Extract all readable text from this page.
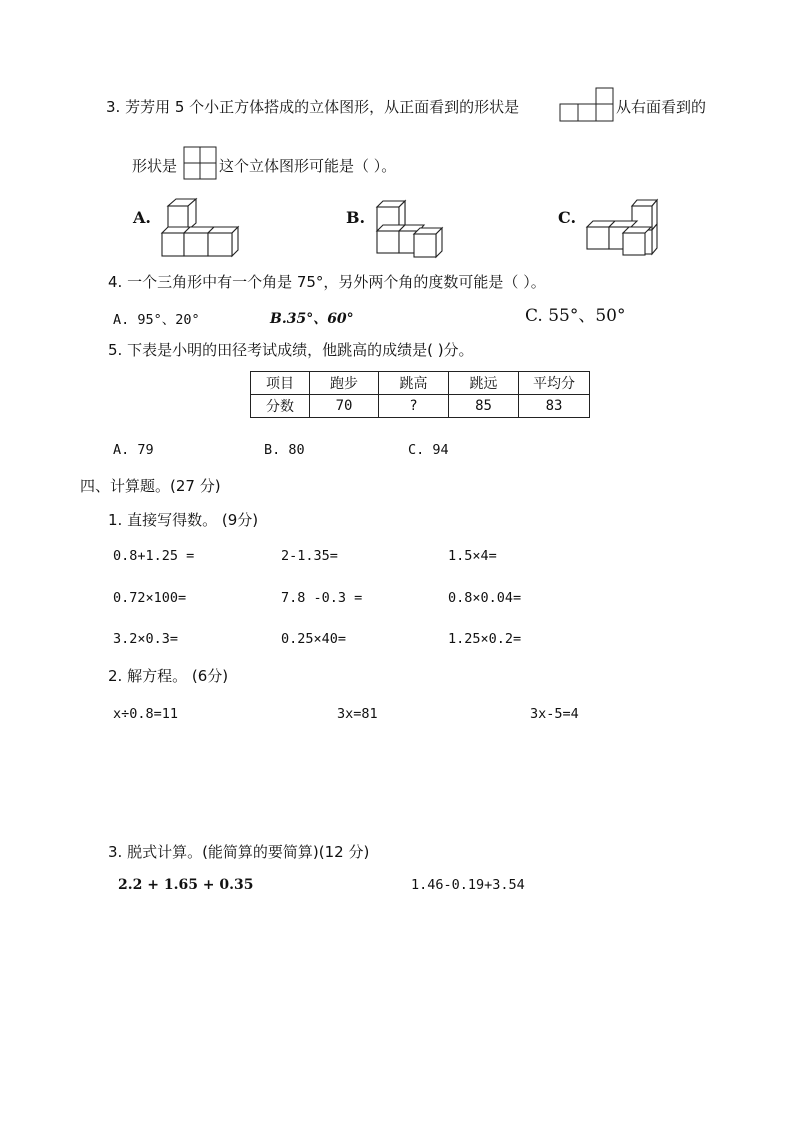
3. 芳芳用 5 个小正方体搭成的立体图形，从正面看到的形状是	从右面看到的
形状是	这个立体图形可能是（ ）。
A.	B.	C.
4. 一个三角形中有一个角是 75°，另外两个角的度数可能是（ ）。
A. 95°、20°	B.35°、60°	C. 55°、50°
5. 下表是小明的田径考试成绩，他跳高的成绩是( )分。
项目	跑步	跳高	跳远	平均分
分数	70	?	85	83
A. 79	B. 80	C. 94
四、计算题。(27 分)
1. 直接写得数。 (9分)
0.8+1.25 =	2-1.35=	1.5×4=
0.72×100=	7.8 -0.3 =	0.8×0.04=
3.2×0.3=	0.25×40=	1.25×0.2=
2. 解方程。 (6分)
x÷0.8=11	3x=81	3x-5=4
3. 脱式计算。(能简算的要简算)(12 分)
2.2 + 1.65 + 0.35	1.46-0.19+3.54
